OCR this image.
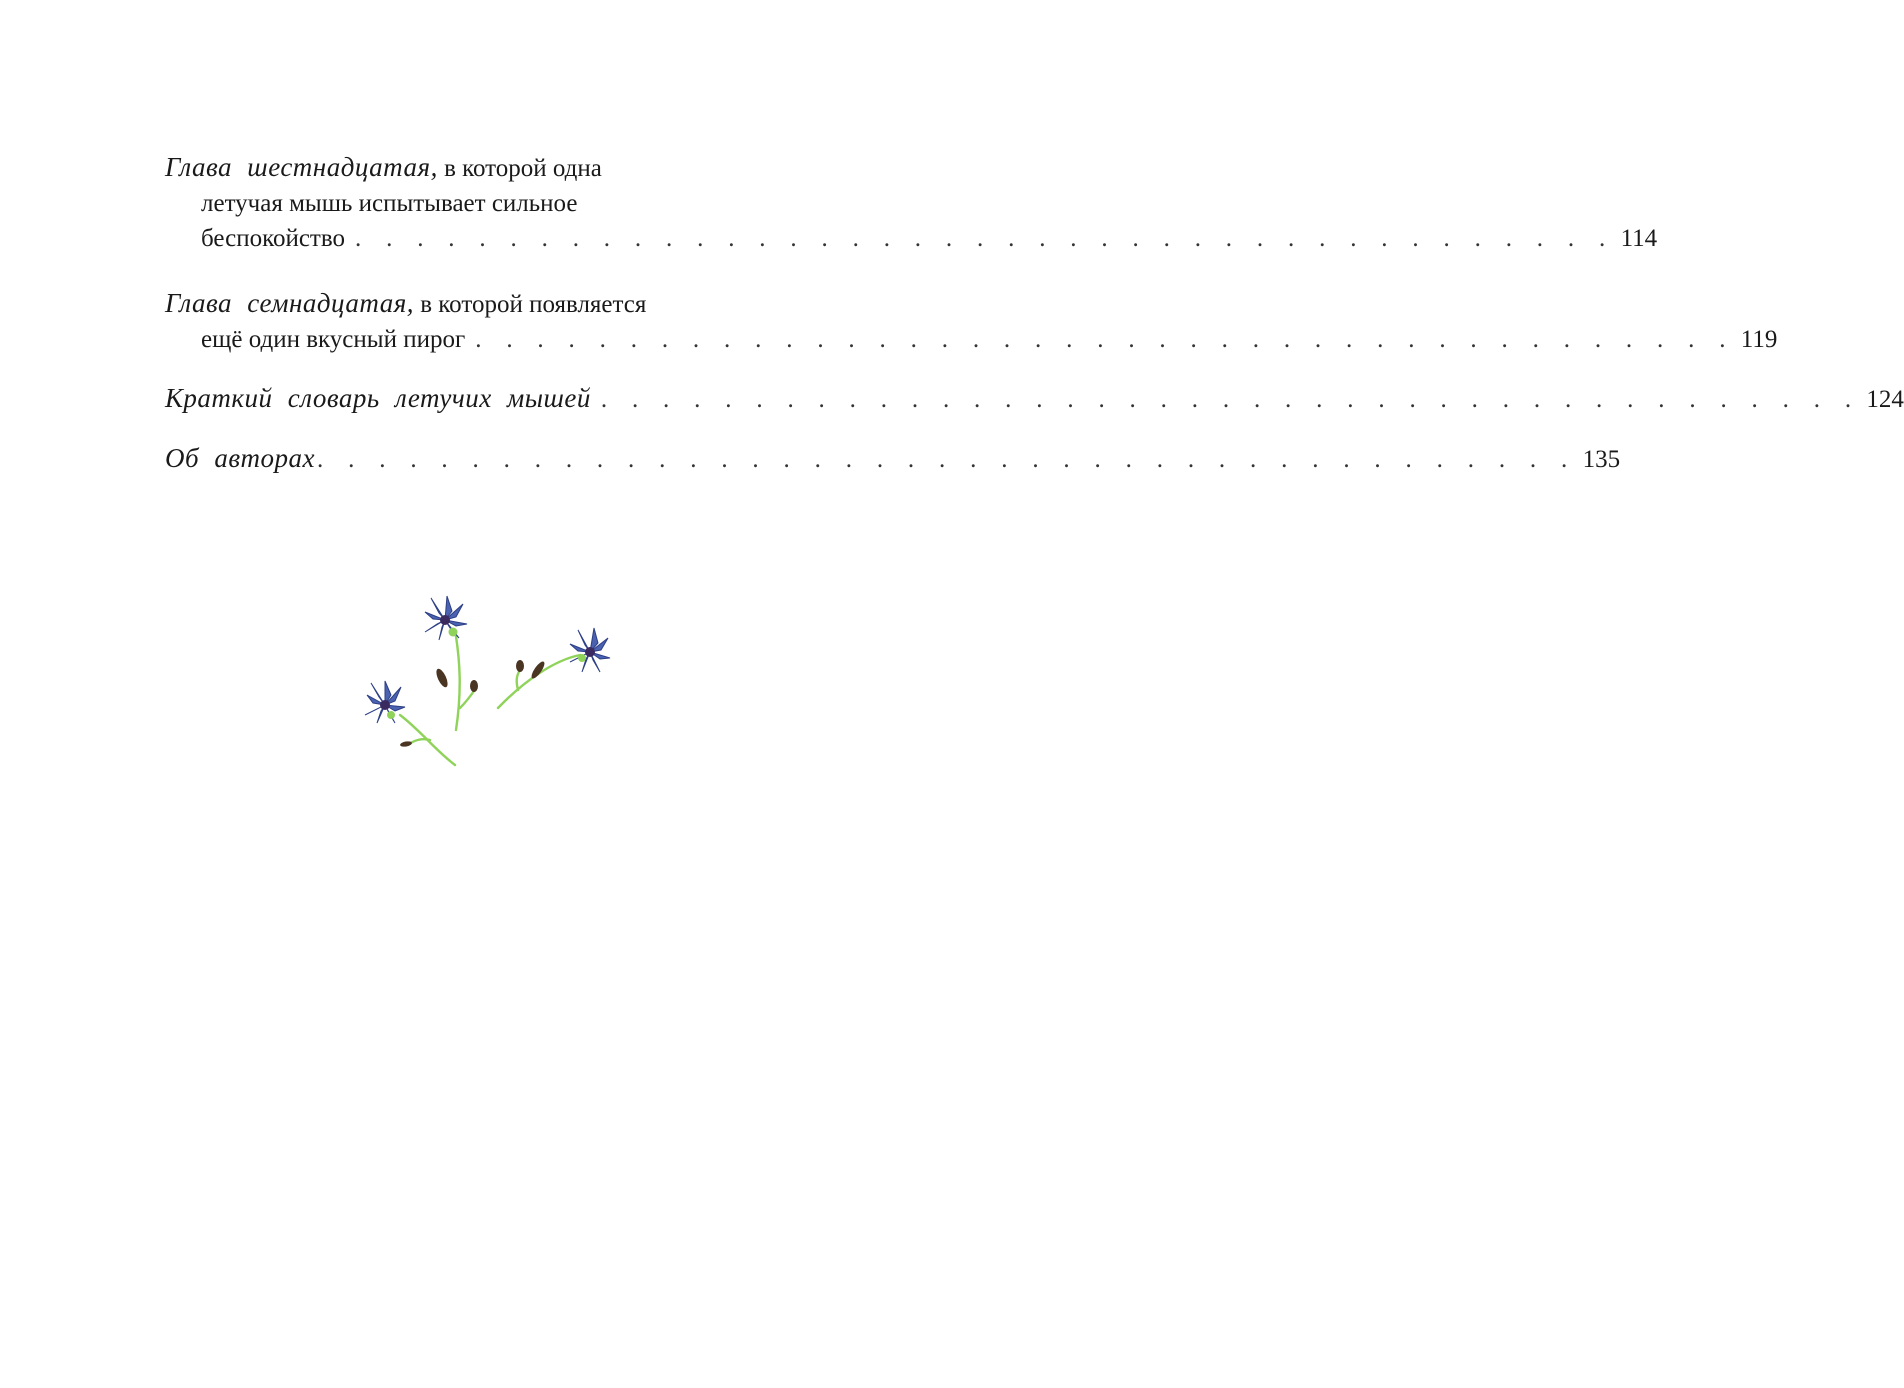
Глава шестнадцатая, в которой одна
летучая мышь испытывает сильное
беспокойство . . . . . . . . . . . . . . . . . . . . . . . . . . . . . . . . . . . . . . . . . 114
Глава семнадцатая, в которой появляется
ещё один вкусный пирог . . . . . . . . . . . . . . . . . . . . . . . . . . . . . . . . . . . . . . . . . 119
Краткий словарь летучих мышей . . . . . . . . . . . . . . . . . . . . . . . . . . . . . . . . . . . . . . . . . 124
Об авторах . . . . . . . . . . . . . . . . . . . . . . . . . . . . . . . . . . . . . . . . . 135
